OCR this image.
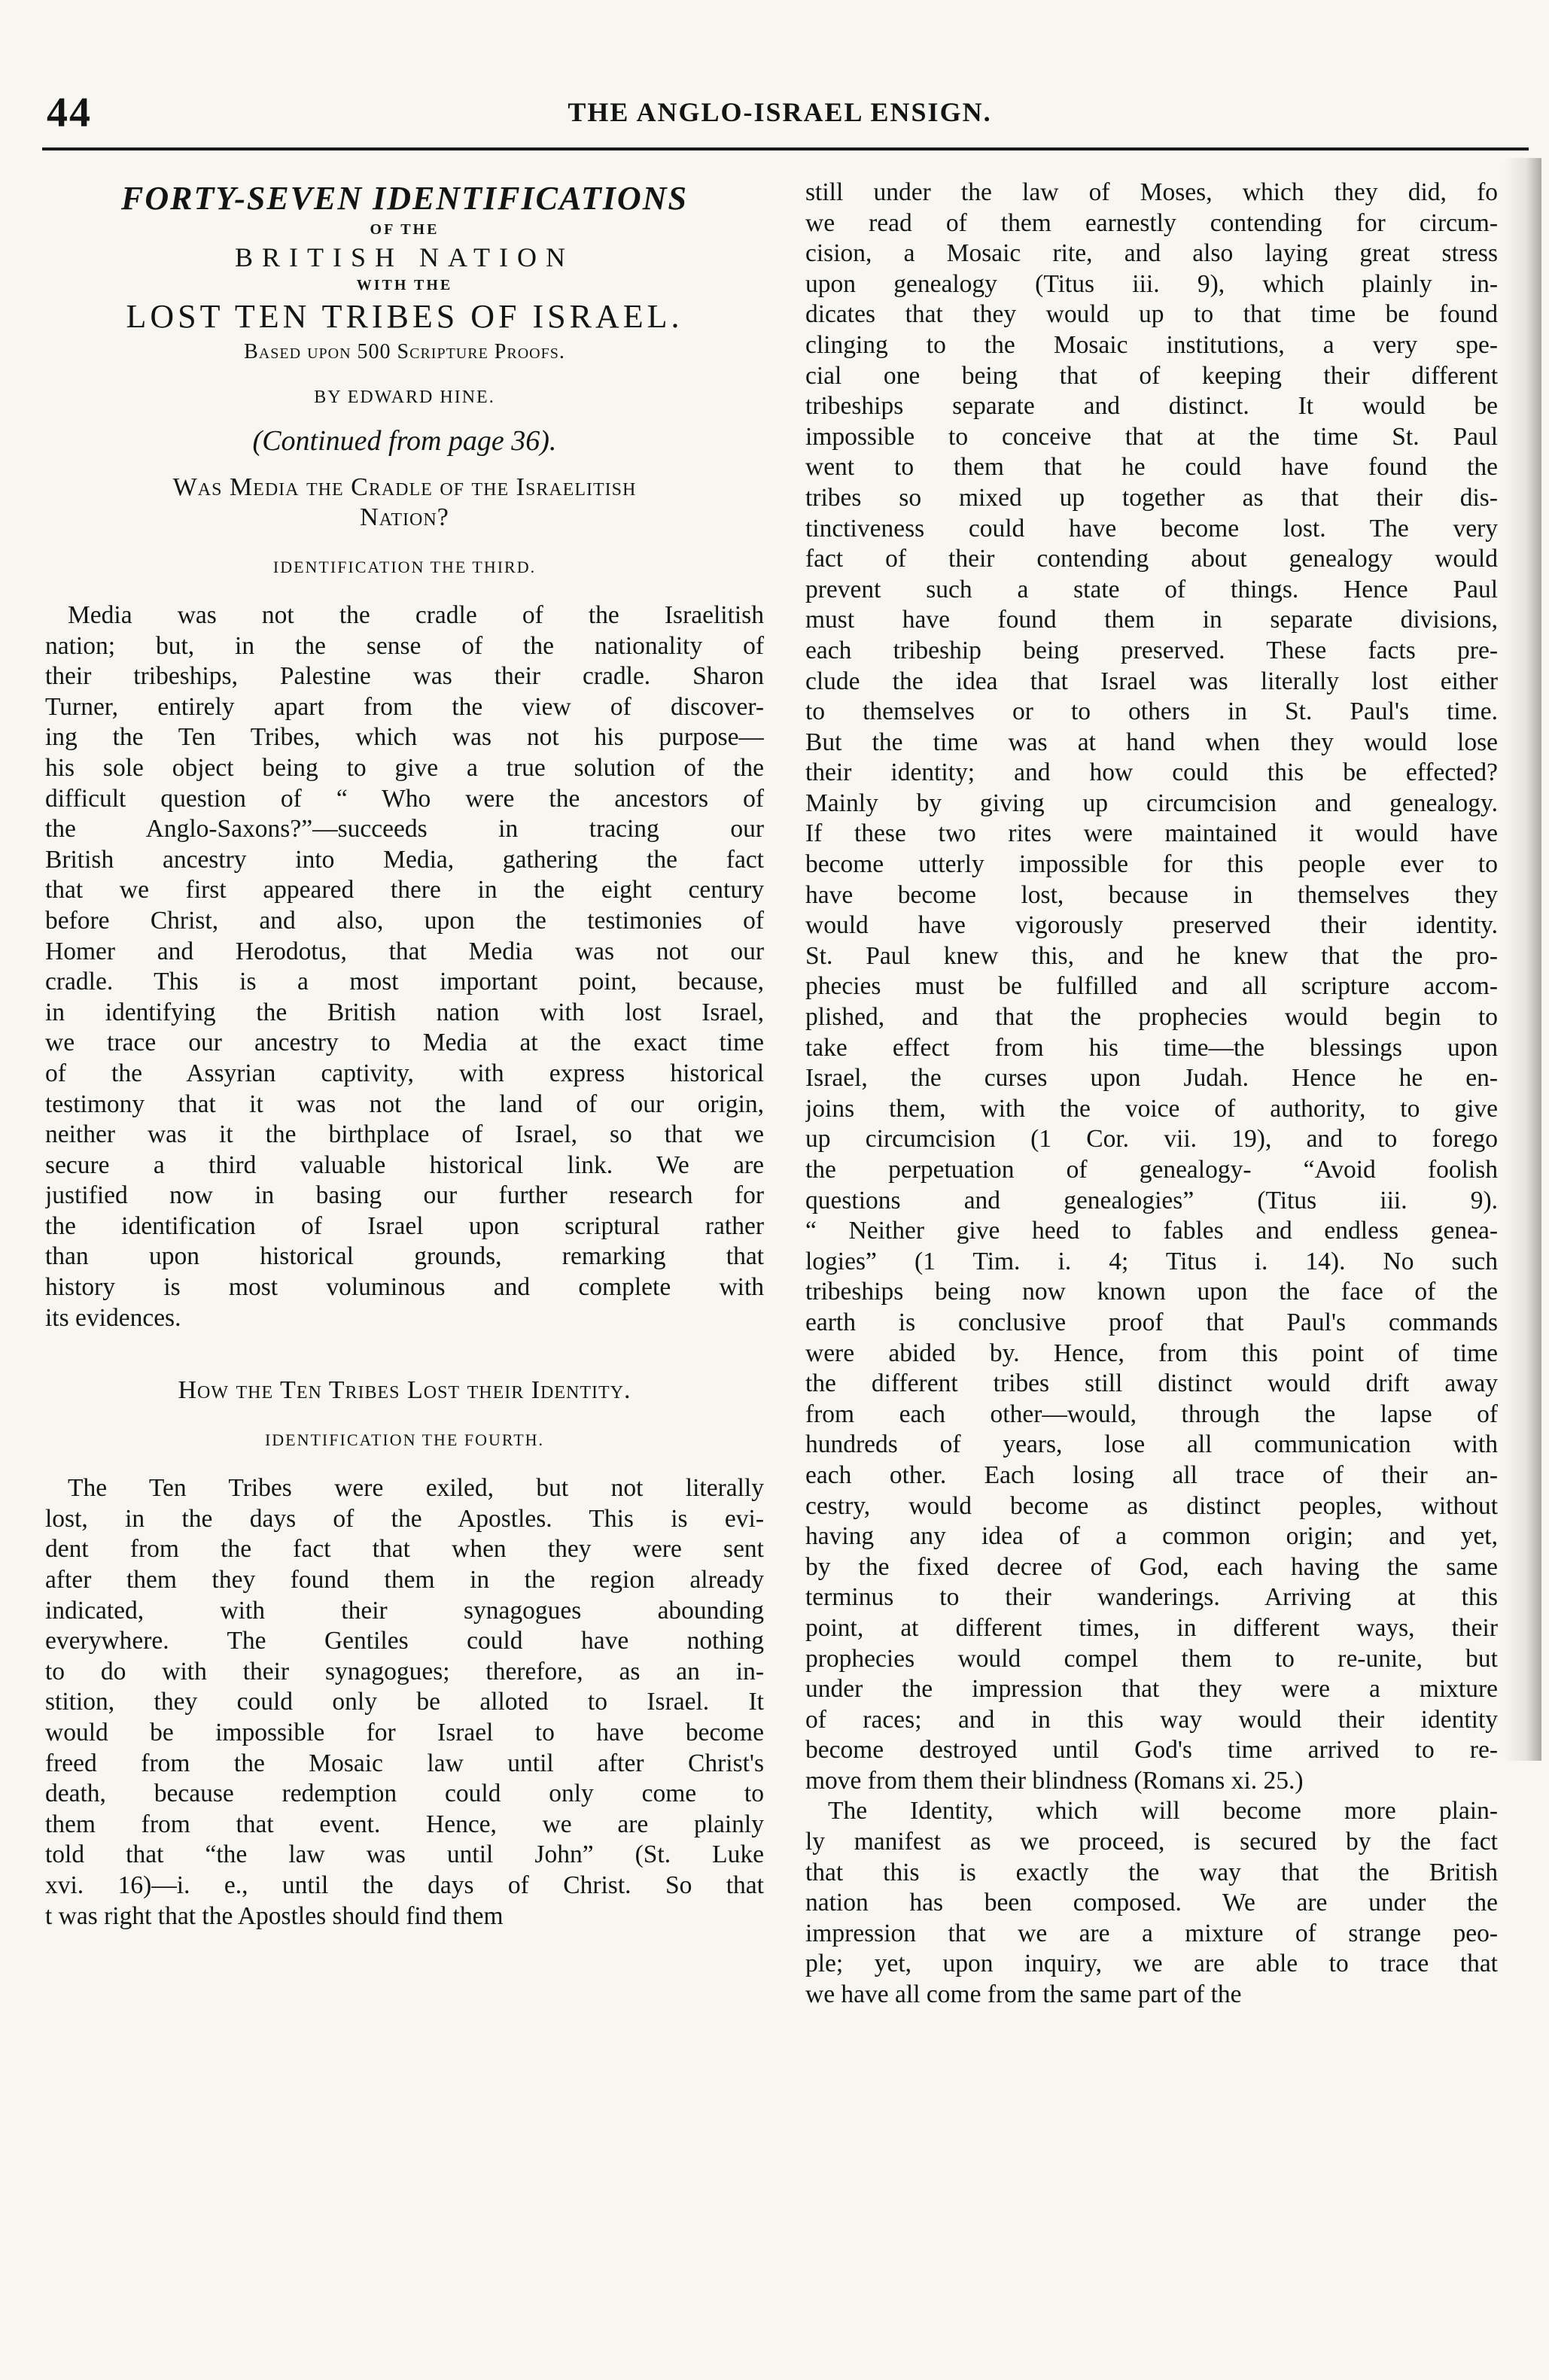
44	THE ANGLO-ISRAEL ENSIGN.
FORTY-SEVEN IDENTIFICATIONS
OF THE
BRITISH NATION
WITH THE
LOST TEN TRIBES OF ISRAEL.
Based upon 500 Scripture Proofs.
BY EDWARD HINE.
(Continued from page 36).
Was Media the Cradle of the Israelitish
Nation?
IDENTIFICATION THE THIRD.
Media was not the cradle of the Israelitish
nation; but, in the sense of the nationality of
their tribeships, Palestine was their cradle. Sharon
Turner, entirely apart from the view of discover-
ing the Ten Tribes, which was not his purpose—
his sole object being to give a true solution of the
difficult question of “ Who were the ancestors of
the Anglo-Saxons?”—succeeds in tracing our
British ancestry into Media, gathering the fact
that we first appeared there in the eight century
before Christ, and also, upon the testimonies of
Homer and Herodotus, that Media was not our
cradle. This is a most important point, because,
in identifying the British nation with lost Israel,
we trace our ancestry to Media at the exact time
of the Assyrian captivity, with express historical
testimony that it was not the land of our origin,
neither was it the birthplace of Israel, so that we
secure a third valuable historical link. We are
justified now in basing our further research for
the identification of Israel upon scriptural rather
than upon historical grounds, remarking that
history is most voluminous and complete with
its evidences.
How the Ten Tribes Lost their Identity.
IDENTIFICATION THE FOURTH.
The Ten Tribes were exiled, but not literally
lost, in the days of the Apostles. This is evi-
dent from the fact that when they were sent
after them they found them in the region already
indicated, with their synagogues abounding
everywhere. The Gentiles could have nothing
to do with their synagogues; therefore, as an in-
stition, they could only be alloted to Israel. It
would be impossible for Israel to have become
freed from the Mosaic law until after Christ's
death, because redemption could only come to
them from that event. Hence, we are plainly
told that “the law was until John” (St. Luke
xvi. 16)—i. e., until the days of Christ. So that
t was right that the Apostles should find them
still under the law of Moses, which they did, fo
we read of them earnestly contending for circum-
cision, a Mosaic rite, and also laying great stress
upon genealogy (Titus iii. 9), which plainly in-
dicates that they would up to that time be found
clinging to the Mosaic institutions, a very spe-
cial one being that of keeping their different
tribeships separate and distinct. It would be
impossible to conceive that at the time St. Paul
went to them that he could have found the
tribes so mixed up together as that their dis-
tinctiveness could have become lost. The very
fact of their contending about genealogy would
prevent such a state of things. Hence Paul
must have found them in separate divisions,
each tribeship being preserved. These facts pre-
clude the idea that Israel was literally lost either
to themselves or to others in St. Paul's time.
But the time was at hand when they would lose
their identity; and how could this be effected?
Mainly by giving up circumcision and genealogy.
If these two rites were maintained it would have
become utterly impossible for this people ever to
have become lost, because in themselves they
would have vigorously preserved their identity.
St. Paul knew this, and he knew that the pro-
phecies must be fulfilled and all scripture accom-
plished, and that the prophecies would begin to
take effect from his time—the blessings upon
Israel, the curses upon Judah. Hence he en-
joins them, with the voice of authority, to give
up circumcision (1 Cor. vii. 19), and to forego
the perpetuation of genealogy- “Avoid foolish
questions and genealogies” (Titus iii. 9).
“ Neither give heed to fables and endless genea-
logies” (1 Tim. i. 4; Titus i. 14). No such
tribeships being now known upon the face of the
earth is conclusive proof that Paul's commands
were abided by. Hence, from this point of time
the different tribes still distinct would drift away
from each other—would, through the lapse of
hundreds of years, lose all communication with
each other. Each losing all trace of their an-
cestry, would become as distinct peoples, without
having any idea of a common origin; and yet,
by the fixed decree of God, each having the same
terminus to their wanderings. Arriving at this
point, at different times, in different ways, their
prophecies would compel them to re-unite, but
under the impression that they were a mixture
of races; and in this way would their identity
become destroyed until God's time arrived to re-
move from them their blindness (Romans xi. 25.)
The Identity, which will become more plain-
ly manifest as we proceed, is secured by the fact
that this is exactly the way that the British
nation has been composed. We are under the
impression that we are a mixture of strange peo-
ple; yet, upon inquiry, we are able to trace that
we have all come from the same part of the
